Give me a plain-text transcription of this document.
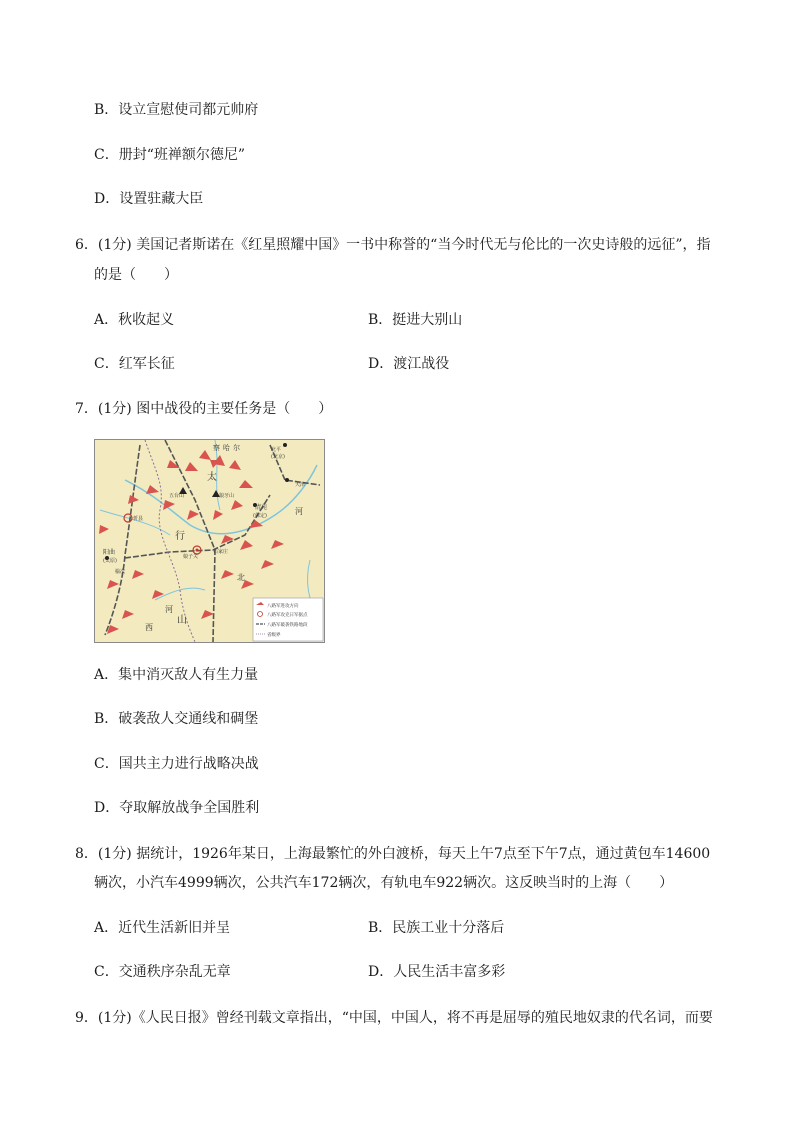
B．设立宣慰使司都元帅府
C．册封“班禅额尔德尼”
D．设置驻藏大臣
6．(1分) 美国记者斯诺在《红星照耀中国》一书中称誉的“当今时代无与伦比的一次史诗般的远征”，指
的是（　　）
A．秋收起义	B．挺进大别山
C．红军长征	D．渡江战役
7．(1分) 图中战役的主要任务是（　　）
察 哈 尔	北平
(北京)
天津
太
五台山	狼牙山
清苑
(保定)	河
忻县
阳曲
(太原)
榆次
行
娘子关
石家庄
北
西
河
山
八路军进攻方向
八路军攻克日军据点
八路军破袭铁路地段
省级界
A．集中消灭敌人有生力量
B．破袭敌人交通线和碉堡
C．国共主力进行战略决战
D．夺取解放战争全国胜利
8．(1分) 据统计，1926年某日，上海最繁忙的外白渡桥，每天上午7点至下午7点，通过黄包车14600
辆次，小汽车4999辆次，公共汽车172辆次，有轨电车922辆次。这反映当时的上海（　　）
A．近代生活新旧并呈	B．民族工业十分落后
C．交通秩序杂乱无章	D．人民生活丰富多彩
9．(1分)《人民日报》曾经刊载文章指出，“中国，中国人，将不再是屈辱的殖民地奴隶的代名词，而要
